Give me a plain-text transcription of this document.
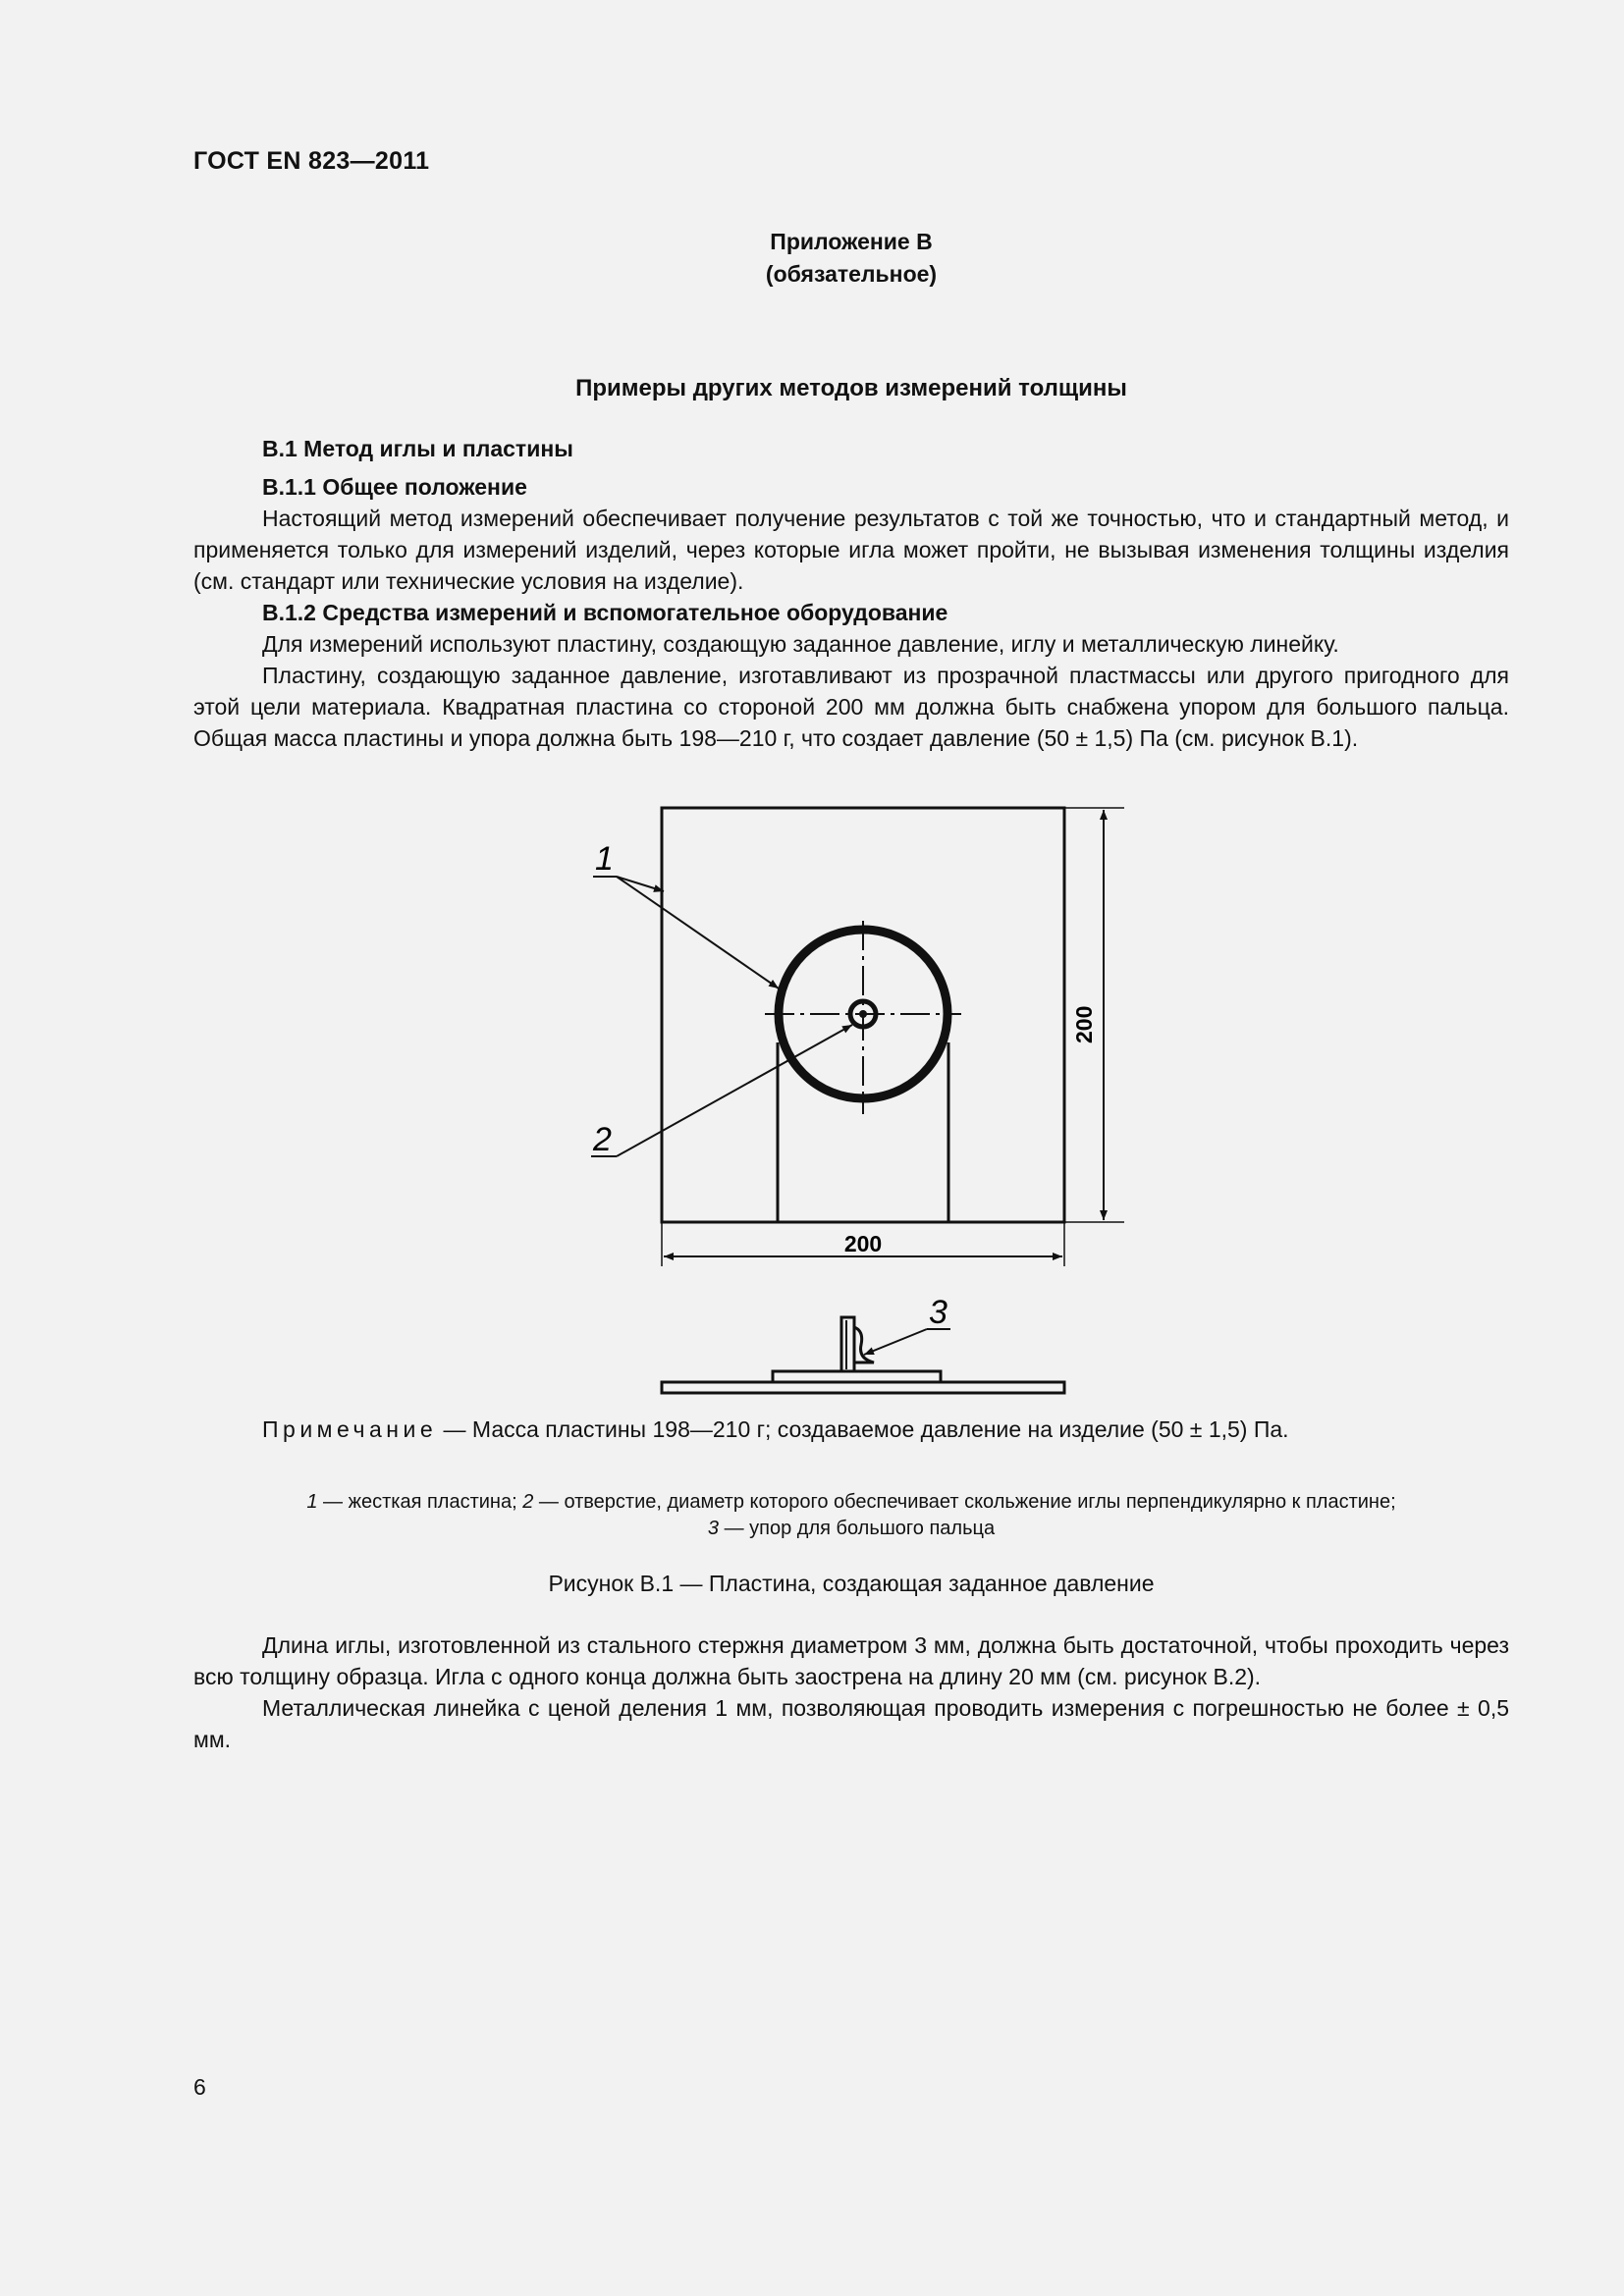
ГОСТ EN 823—2011
Приложение В
(обязательное)
Примеры других методов измерений толщины

В.1 Метод иглы и пластины

В.1.1 Общее положение

Настоящий метод измерений обеспечивает получение результатов с той же точностью, что и стандартный метод, и применяется только для измерений изделий, через которые игла может пройти, не вызывая изменения толщины изделия (см. стандарт или технические условия на изделие).

В.1.2 Средства измерений и вспомогательное оборудование

Для измерений используют пластину, создающую заданное давление, иглу и металлическую линейку.

Пластину, создающую заданное давление, изготавливают из прозрачной пластмассы или другого пригодного для этой цели материала. Квадратная пластина со стороной 200 мм должна быть снабжена упором для большого пальца. Общая масса пластины и упора должна быть 198—210 г, что создает давление (50 ± 1,5) Па (см. рисунок В.1).

200
200
1
2
3
Примечание — Масса пластины 198—210 г; создаваемое давление на изделие (50 ± 1,5) Па.
1 — жесткая пластина; 2 — отверстие, диаметр которого обеспечивает скольжение иглы перпендикулярно к пластине;
3 — упор для большого пальца
Рисунок В.1 — Пластина, создающая заданное давление

Длина иглы, изготовленной из стального стержня диаметром 3 мм, должна быть достаточной, чтобы проходить через всю толщину образца. Игла с одного конца должна быть заострена на длину 20 мм (см. рисунок В.2).

Металлическая линейка с ценой деления 1 мм, позволяющая проводить измерения с погрешностью не более ± 0,5 мм.

6
